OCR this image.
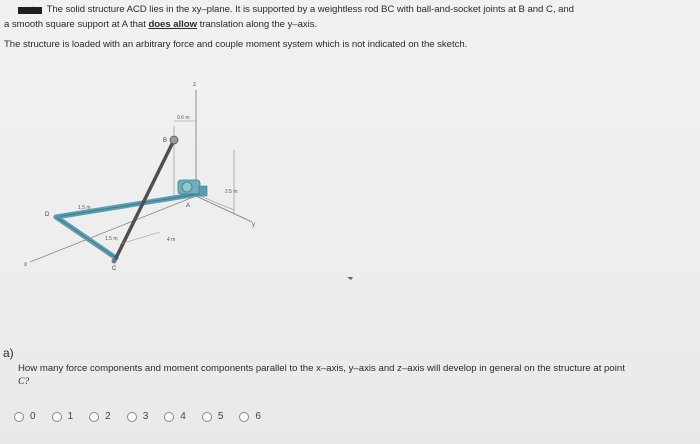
...estion The solid structure ACD lies in the xy–plane. It is supported by a weightless rod BC with ball-and-socket joints at B and C, and
a smooth square support at A that does allow translation along the y–axis.
The structure is loaded with an arbitrary force and couple moment system which is not indicated on the sketch.
z
y
x
0.6 m
2.5 m
B
A
C
D
1.5 m
1.5 m	4 m
a)
How many force components and moment components parallel to the x–axis, y–axis and z–axis will develop in general on the structure at point
C?
0	1	2	3	4	5	6
